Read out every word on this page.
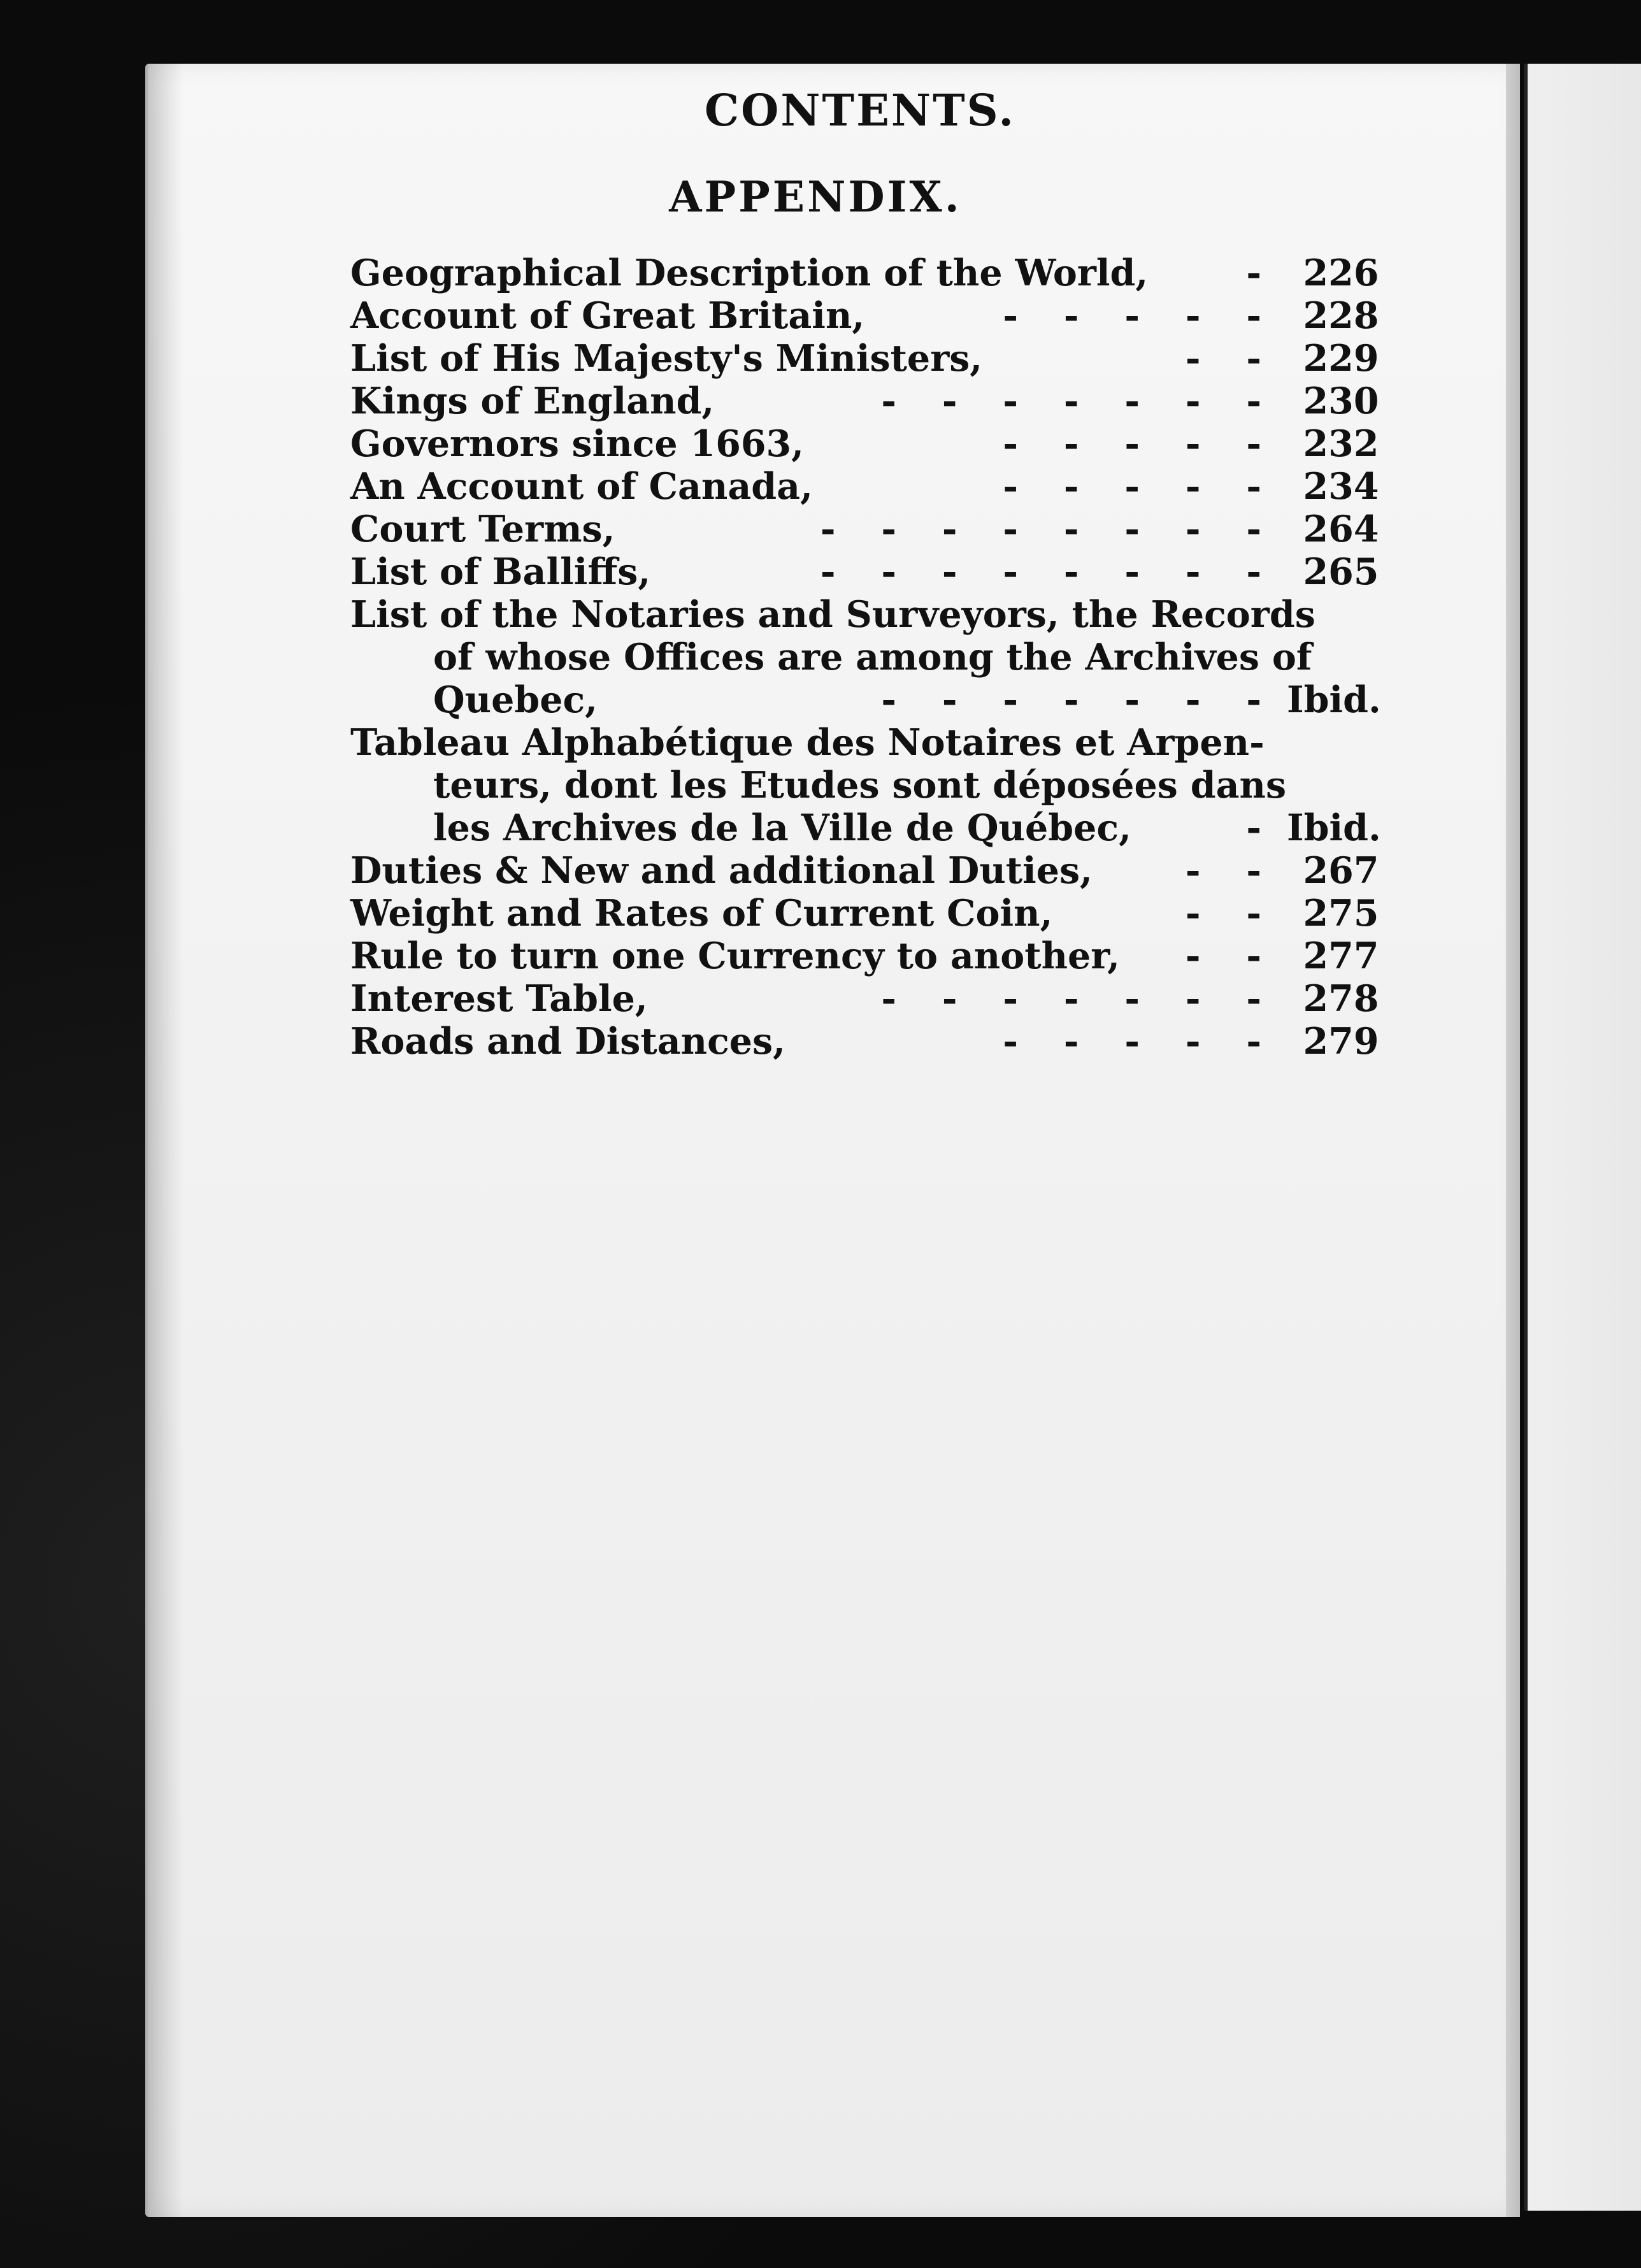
CONTENTS.
APPENDIX.
Geographical Description of the World,	-	226
Account of Great Britain,	- - - - -	228
List of His Majesty's Ministers,	- -	229
Kings of England,	- - - - - - -	230
Governors since 1663,	- - - - -	232
An Account of Canada,	- - - - -	234
Court Terms,	- - - - - - - -	264
List of Balliffs,	- - - - - - - -	265
List of the Notaries and Surveyors, the Records
of whose Offices are among the Archives of
Quebec,	- - - - - - - Ibid.
Tableau Alphabétique des Notaires et Arpen-
teurs, dont les Etudes sont déposées dans
les Archives de la Ville de Québec,	- Ibid.
Duties & New and additional Duties,	- -	267
Weight and Rates of Current Coin,	- -	275
Rule to turn one Currency to another, - -	277
Interest Table,	- - - - - - -	278
Roads and Distances,	- - - - -	279
